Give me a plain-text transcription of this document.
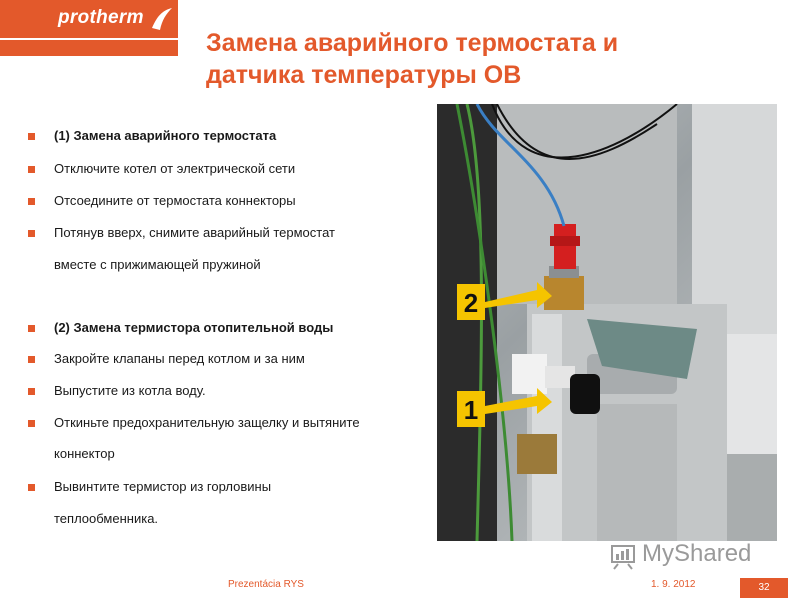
protherm
Замена аварийного термостата и
датчика температуры ОВ
(1) Замена аварийного термостата
Отключите котел от электрической сети
Отсоедините от термостата коннекторы
Потянув вверх, снимите аварийный термостат
вместе с прижимающей пружиной
(2) Замена термистора отопительной воды
Закройте клапаны перед котлом и за ним
Выпустите из котла воду.
Откиньте предохранительную защелку и вытяните
коннектор
Вывинтите термистор из горловины
теплообменника.
2
1
MyShared
Prezentácia RYS	1. 9. 2012	32
